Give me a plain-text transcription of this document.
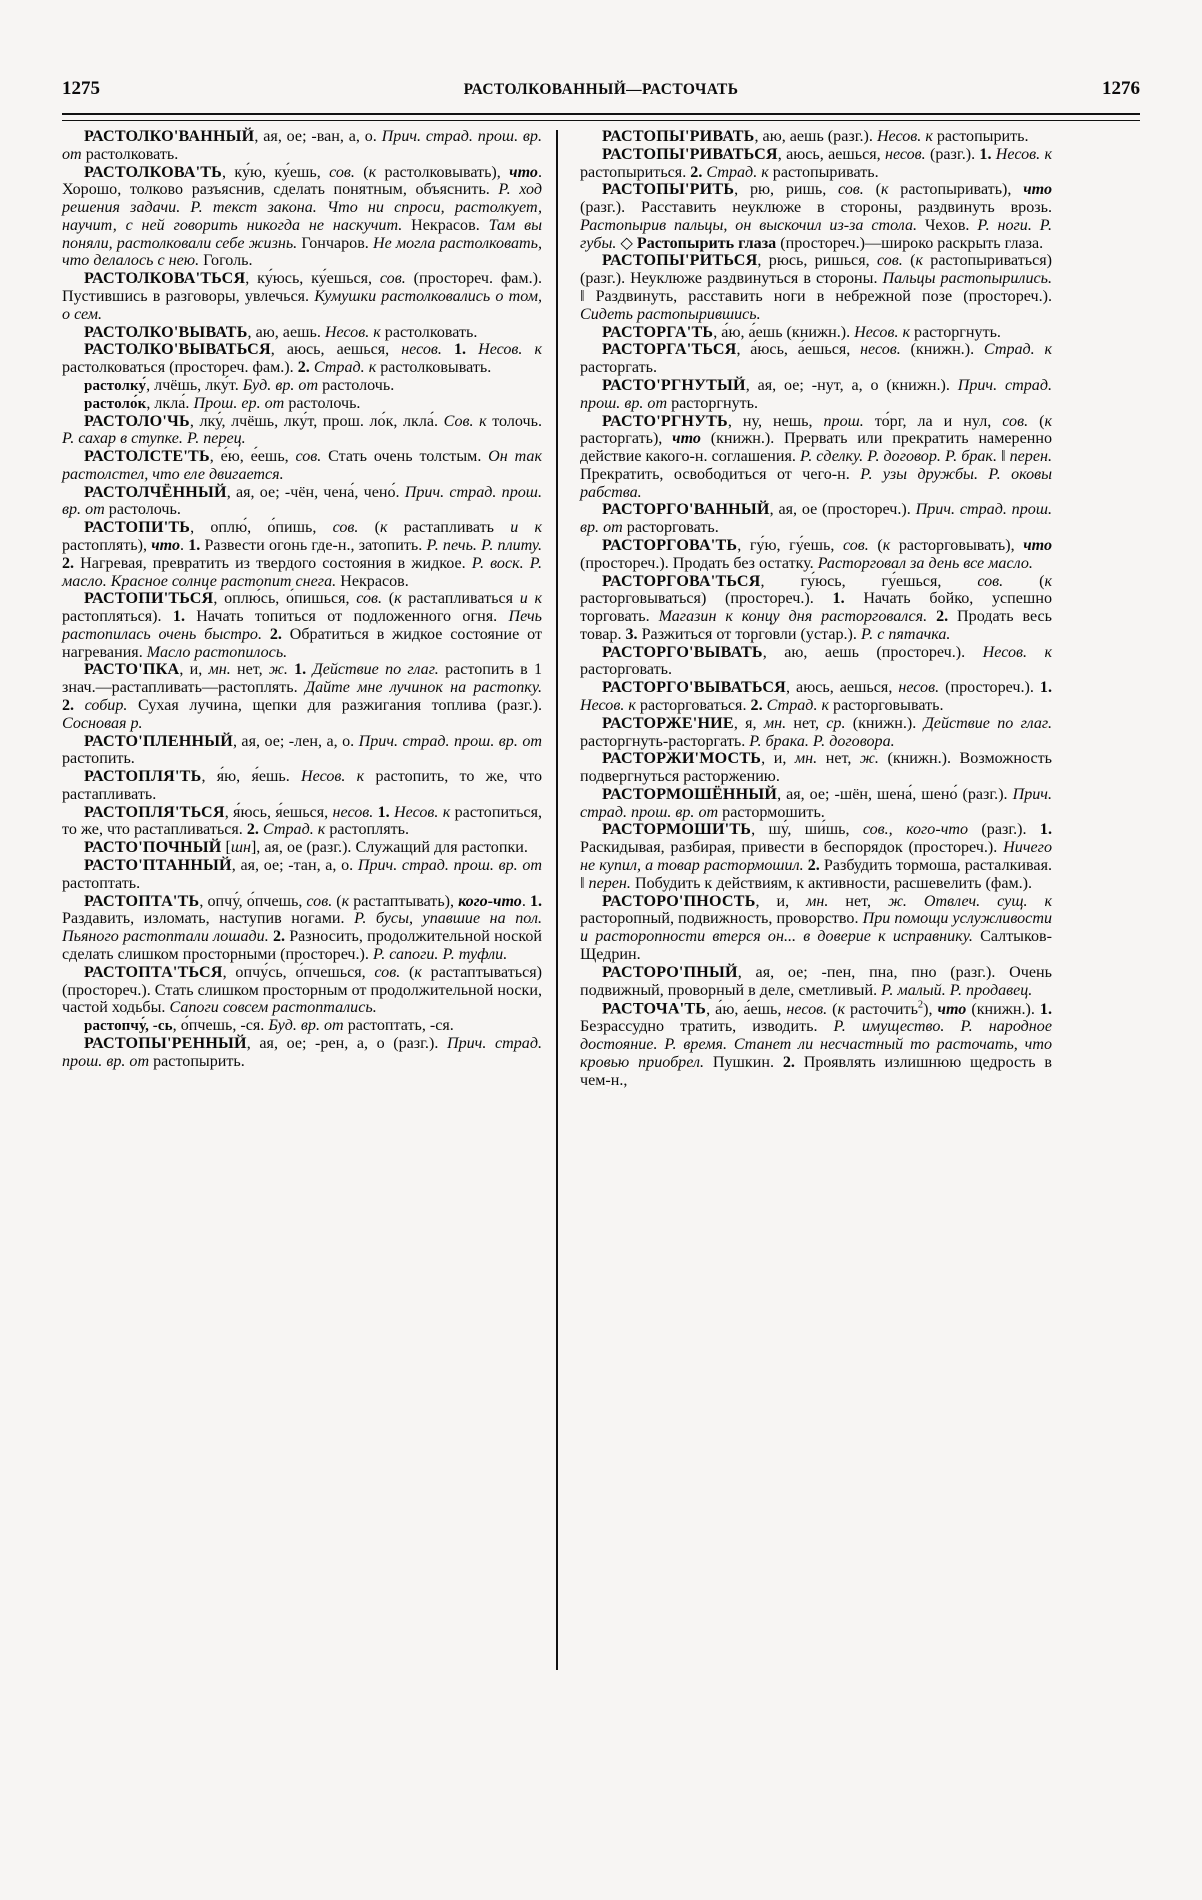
1275	РАСТОЛКОВАННЫЙ—РАСТОЧАТЬ	1276

РАСТОЛКО'ВАННЫЙ, ая, ое; -ван, а, о. Прич. страд. прош. вр. от растолковать.

РАСТОЛКОВА'ТЬ, ку́ю, ку́ешь, сов. (к растолковывать), что. Хорошо, толково разъяснив, сделать понятным, объяснить. Р. ход решения задачи. Р. текст закона. Что ни спроси, растолкует, научит, с ней говорить никогда не наскучит. Некрасов. Там вы поняли, растолковали себе жизнь. Гончаров. Не могла растолковать, что делалось с нею. Гоголь.

РАСТОЛКОВА'ТЬСЯ, ку́юсь, ку́ешься, сов. (простореч. фам.). Пустившись в разговоры, увлечься. Кумушки растолковались о том, о сем.

РАСТОЛКО'ВЫВАТЬ, аю, аешь. Несов. к растолковать.

РАСТОЛКО'ВЫВАТЬСЯ, аюсь, аешься, несов. 1. Несов. к растолковаться (простореч. фам.). 2. Страд. к растолковывать.

растолку́, лчёшь, лку́т. Буд. вр. от растолочь.

растоло́к, лкла́. Прош. ер. от растолочь.

РАСТОЛО'ЧЬ, лку́, лчёшь, лку́т, прош. ло́к, лкла́. Сов. к толочь. Р. сахар в ступке. Р. перец.

РАСТОЛСТЕ'ТЬ, е́ю, е́ешь, сов. Стать очень толстым. Он так растолстел, что еле двигается.

РАСТОЛЧЁННЫЙ, ая, ое; -чён, чена́, чено́. Прич. страд. прош. вр. от растолочь.

РАСТОПИ'ТЬ, оплю́, о́пишь, сов. (к растапливать и к растоплять), что. 1. Развести огонь где-н., затопить. Р. печь. Р. плиту. 2. Нагревая, превратить из твердого состояния в жидкое. Р. воск. Р. масло. Красное солнце растопит снега. Некрасов.

РАСТОПИ'ТЬСЯ, оплю́сь, о́пишься, сов. (к растапливаться и к растопляться). 1. Начать топиться от подложенного огня. Печь растопилась очень быстро. 2. Обратиться в жидкое состояние от нагревания. Масло растопилось.

РАСТО'ПКА, и, мн. нет, ж. 1. Действие по глаг. растопить в 1 знач.—растапливать—растоплять. Дайте мне лучинок на растопку. 2. собир. Сухая лучина, щепки для разжигания топлива (разг.). Сосновая р.

РАСТО'ПЛЕННЫЙ, ая, ое; -лен, а, о. Прич. страд. прош. вр. от растопить.

РАСТОПЛЯ'ТЬ, я́ю, я́ешь. Несов. к растопить, то же, что растапливать.

РАСТОПЛЯ'ТЬСЯ, я́юсь, я́ешься, несов. 1. Несов. к растопиться, то же, что растапливаться. 2. Страд. к растоплять.

РАСТО'ПОЧНЫЙ [шн], ая, ое (разг.). Служащий для растопки.

РАСТО'ПТАННЫЙ, ая, ое; -тан, а, о. Прич. страд. прош. вр. от растоптать.

РАСТОПТА'ТЬ, опчу́, о́пчешь, сов. (к растаптывать), кого-что. 1. Раздавить, изломать, наступив ногами. Р. бусы, упавшие на пол. Пьяного растоптали лошади. 2. Разносить, продолжительной ноской сделать слишком просторными (простореч.). Р. сапоги. Р. туфли.

РАСТОПТА'ТЬСЯ, опчу́сь, о́пчешься, сов. (к растаптываться) (простореч.). Стать слишком просторным от продолжительной носки, частой ходьбы. Сапоги совсем растоптались.

растопчу́, -сь, о́пчешь, -ся. Буд. вр. от растоптать, -ся.

РАСТОПЫ'РЕННЫЙ, ая, ое; -рен, а, о (разг.). Прич. страд. прош. вр. от растопырить.

РАСТОПЫ'РИВАТЬ, аю, аешь (разг.). Несов. к растопырить.

РАСТОПЫ'РИВАТЬСЯ, аюсь, аешься, несов. (разг.). 1. Несов. к растопыриться. 2. Страд. к растопыривать.

РАСТОПЫ'РИТЬ, рю, ришь, сов. (к растопыривать), что (разг.). Расставить неуклюже в стороны, раздвинуть врозь. Растопырив пальцы, он выскочил из-за стола. Чехов. Р. ноги. Р. губы. ◇ Растопырить глаза (простореч.)—широко раскрыть глаза.

РАСТОПЫ'РИТЬСЯ, рюсь, ришься, сов. (к растопыриваться) (разг.). Неуклюже раздвинуться в стороны. Пальцы растопырились. ‖ Раздвинуть, расставить ноги в небрежной позе (простореч.). Сидеть растопырившись.

РАСТОРГА'ТЬ, а́ю, а́ешь (книжн.). Несов. к расторгнуть.

РАСТОРГА'ТЬСЯ, а́юсь, а́ешься, несов. (книжн.). Страд. к расторгать.

РАСТО'РГНУТЫЙ, ая, ое; -нут, а, о (книжн.). Прич. страд. прош. вр. от расторгнуть.

РАСТО'РГНУТЬ, ну, нешь, прош. то́рг, ла и нул, сов. (к расторгать), что (книжн.). Прервать или прекратить намеренно действие какого-н. соглашения. Р. сделку. Р. договор. Р. брак. ‖ перен. Прекратить, освободиться от чего-н. Р. узы дружбы. Р. оковы рабства.

РАСТОРГО'ВАННЫЙ, ая, ое (простореч.). Прич. страд. прош. вр. от расторговать.

РАСТОРГОВА'ТЬ, гу́ю, гу́ешь, сов. (к расторговывать), что (простореч.). Продать без остатку. Расторговал за день все масло.

РАСТОРГОВА'ТЬСЯ, гу́юсь, гу́ешься, сов. (к расторговываться) (простореч.). 1. Начать бойко, успешно торговать. Магазин к концу дня расторговался. 2. Продать весь товар. 3. Разжиться от торговли (устар.). Р. с пятачка.

РАСТОРГО'ВЫВАТЬ, аю, аешь (простореч.). Несов. к расторговать.

РАСТОРГО'ВЫВАТЬСЯ, аюсь, аешься, несов. (простореч.). 1. Несов. к расторговаться. 2. Страд. к расторговывать.

РАСТОРЖЕ'НИЕ, я, мн. нет, ср. (книжн.). Действие по глаг. расторгнуть-расторгать. Р. брака. Р. договора.

РАСТОРЖИ'МОСТЬ, и, мн. нет, ж. (книжн.). Возможность подвергнуться расторжению.

РАСТОРМОШЁННЫЙ, ая, ое; -шён, шена́, шено́ (разг.). Прич. страд. прош. вр. от растормошить.

РАСТОРМОШИ'ТЬ, шу́, ши́шь, сов., кого-что (разг.). 1. Раскидывая, разбирая, привести в беспорядок (простореч.). Ничего не купил, а товар растормошил. 2. Разбудить тормоша, расталкивая. ‖ перен. Побудить к действиям, к активности, расшевелить (фам.).

РАСТОРО'ПНОСТЬ, и, мн. нет, ж. Отвлеч. сущ. к расторопный, подвижность, проворство. При помощи услужливости и расторопности втерся он... в доверие к исправнику. Салтыков-Щедрин.

РАСТОРО'ПНЫЙ, ая, ое; -пен, пна, пно (разг.). Очень подвижный, проворный в деле, сметливый. Р. малый. Р. продавец.

РАСТОЧА'ТЬ, а́ю, а́ешь, несов. (к расточить$^2$), что (книжн.). 1. Безрассудно тратить, изводить. Р. имущество. Р. народное достояние. Р. время. Станет ли несчастный то расточать, что кровью приобрел. Пушкин. 2. Проявлять излишнюю щедрость в чем-н.,
